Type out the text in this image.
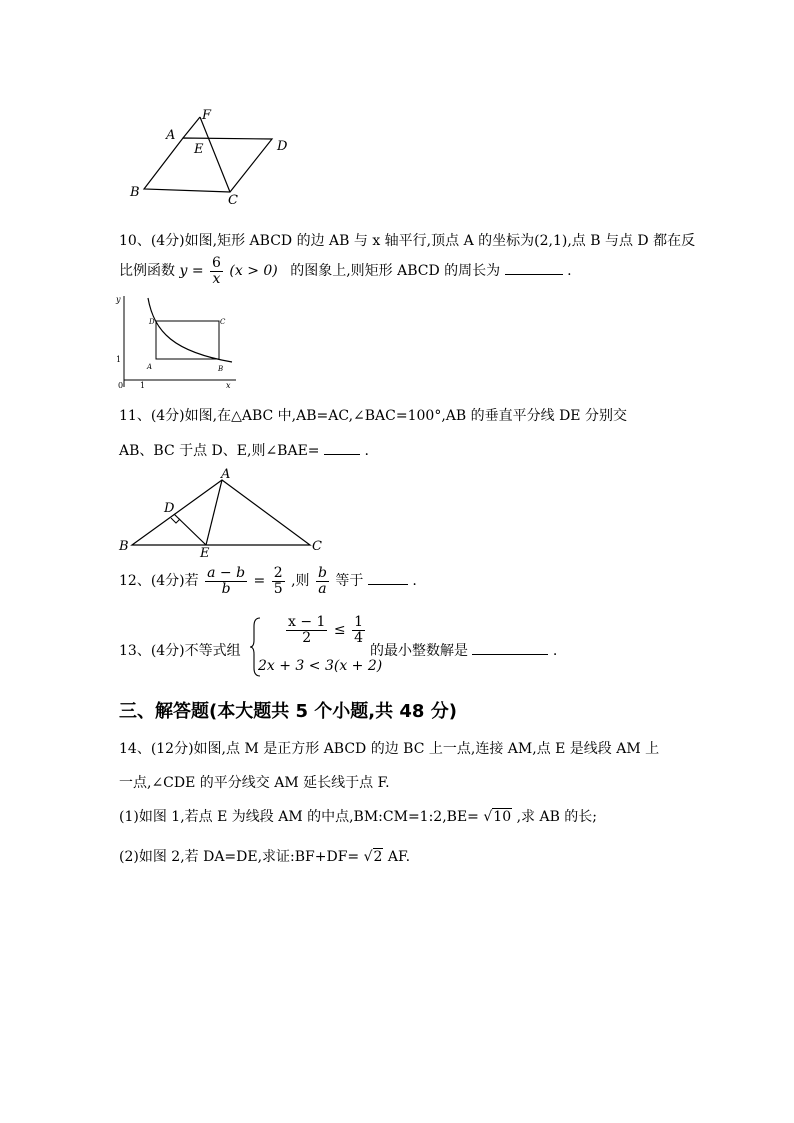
F
A
E	D
B
C
10、(4分)如图,矩形 ABCD 的边 AB 与 x 轴平行,顶点 A 的坐标为(2,1),点 B 与点 D 都在反
比例函数 $y = \frac{6}{x} (x > 0)$ 的图象上,则矩形 ABCD 的周长为	.
y
x
0 1
1
A	B
C
D
11、(4分)如图,在△ABC 中,AB=AC,∠BAC=100°,AB 的垂直平分线 DE 分别交
AB、BC 于点 D、E,则∠BAE=	.
A
D
B	E	C
12、(4分)若 $\frac{a - b}{b} = \frac{2}{5}$ ,则 $\frac{b}{a}$ 等于	.
13、(4分)不等式组
$\frac{x - 1}{2} \le \frac{1}{4}$
2x + 3 < 3(x + 2)
的最小整数解是	.
三、解答题(本大题共 5 个小题,共 48 分)
14、(12分)如图,点 M 是正方形 ABCD 的边 BC 上一点,连接 AM,点 E 是线段 AM 上
一点,∠CDE 的平分线交 AM 延长线于点 F.
(1)如图 1,若点 E 为线段 AM 的中点,BM:CM=1:2,BE= √10 ,求 AB 的长;
(2)如图 2,若 DA=DE,求证:BF+DF= √2 AF.
